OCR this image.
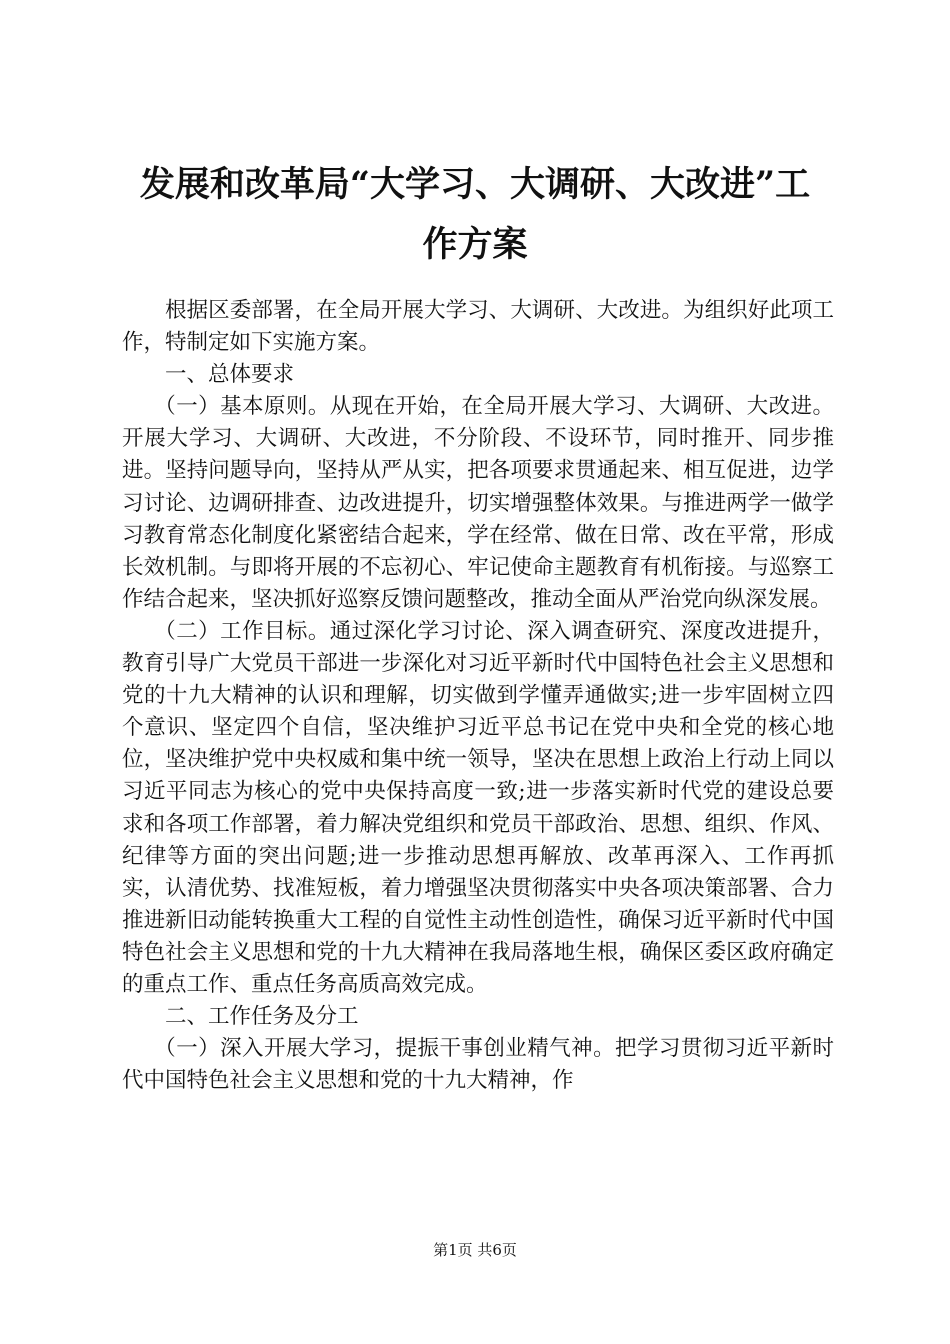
发展和改革局“大学习、大调研、大改进”工
作方案

根据区委部署，在全局开展大学习、大调研、大改进。为组织好此项工作，特制定如下实施方案。

一、总体要求

（一）基本原则。从现在开始，在全局开展大学习、大调研、大改进。开展大学习、大调研、大改进，不分阶段、不设环节，同时推开、同步推进。坚持问题导向，坚持从严从实，把各项要求贯通起来、相互促进，边学习讨论、边调研排查、边改进提升，切实增强整体效果。与推进两学一做学习教育常态化制度化紧密结合起来，学在经常、做在日常、改在平常，形成长效机制。与即将开展的不忘初心、牢记使命主题教育有机衔接。与巡察工作结合起来，坚决抓好巡察反馈问题整改，推动全面从严治党向纵深发展。

（二）工作目标。通过深化学习讨论、深入调查研究、深度改进提升，教育引导广大党员干部进一步深化对习近平新时代中国特色社会主义思想和党的十九大精神的认识和理解，切实做到学懂弄通做实;进一步牢固树立四个意识、坚定四个自信，坚决维护习近平总书记在党中央和全党的核心地位，坚决维护党中央权威和集中统一领导，坚决在思想上政治上行动上同以习近平同志为核心的党中央保持高度一致;进一步落实新时代党的建设总要求和各项工作部署，着力解决党组织和党员干部政治、思想、组织、作风、纪律等方面的突出问题;进一步推动思想再解放、改革再深入、工作再抓实，认清优势、找准短板，着力增强坚决贯彻落实中央各项决策部署、合力推进新旧动能转换重大工程的自觉性主动性创造性，确保习近平新时代中国特色社会主义思想和党的十九大精神在我局落地生根，确保区委区政府确定的重点工作、重点任务高质高效完成。

二、工作任务及分工

（一）深入开展大学习，提振干事创业精气神。把学习贯彻习近平新时代中国特色社会主义思想和党的十九大精神，作

第1页 共6页
